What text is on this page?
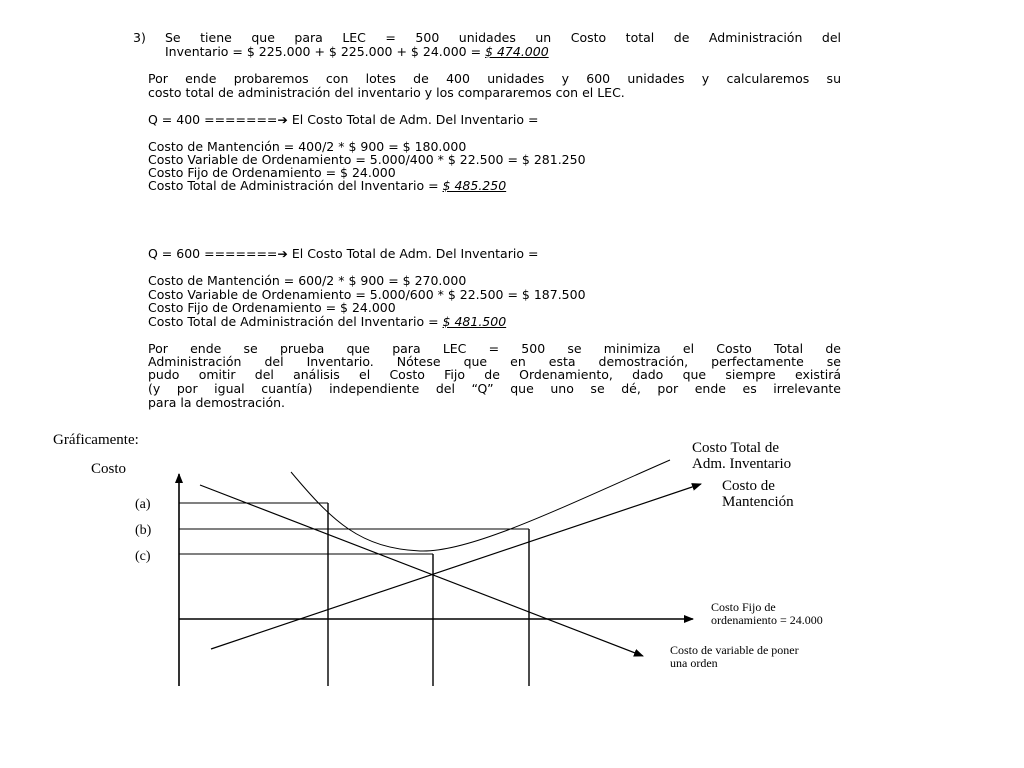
3) Se tiene que para LEC = 500 unidades un Costo total de Administración del
Inventario = $ 225.000 + $ 225.000 + $ 24.000 = $ 474.000
Por ende probaremos con lotes de 400 unidades y 600 unidades y calcularemos su
costo total de administración del inventario y los compararemos con el LEC.
Q = 400 =======➔ El Costo Total de Adm. Del Inventario =
Costo de Mantención = 400/2 * $ 900 = $ 180.000
Costo Variable de Ordenamiento = 5.000/400 * $ 22.500 = $ 281.250
Costo Fijo de Ordenamiento = $ 24.000
Costo Total de Administración del Inventario = $ 485.250
Q = 600 =======➔ El Costo Total de Adm. Del Inventario =
Costo de Mantención = 600/2 * $ 900 = $ 270.000
Costo Variable de Ordenamiento = 5.000/600 * $ 22.500 = $ 187.500
Costo Fijo de Ordenamiento = $ 24.000
Costo Total de Administración del Inventario = $ 481.500
Por ende se prueba que para LEC = 500 se minimiza el Costo Total de
Administración del Inventario. Nótese que en esta demostración, perfectamente se
pudo omitir del análisis el Costo Fijo de Ordenamiento, dado que siempre existirá
(y por igual cuantía) independiente del “Q” que uno se dé, por ende es irrelevante
para la demostración.
Gráficamente:
Costo
(a)
(b)
(c)
Costo Total de
Adm. Inventario
Costo de
Mantención
Costo Fijo de
ordenamiento = 24.000
Costo de variable de poner
una orden
